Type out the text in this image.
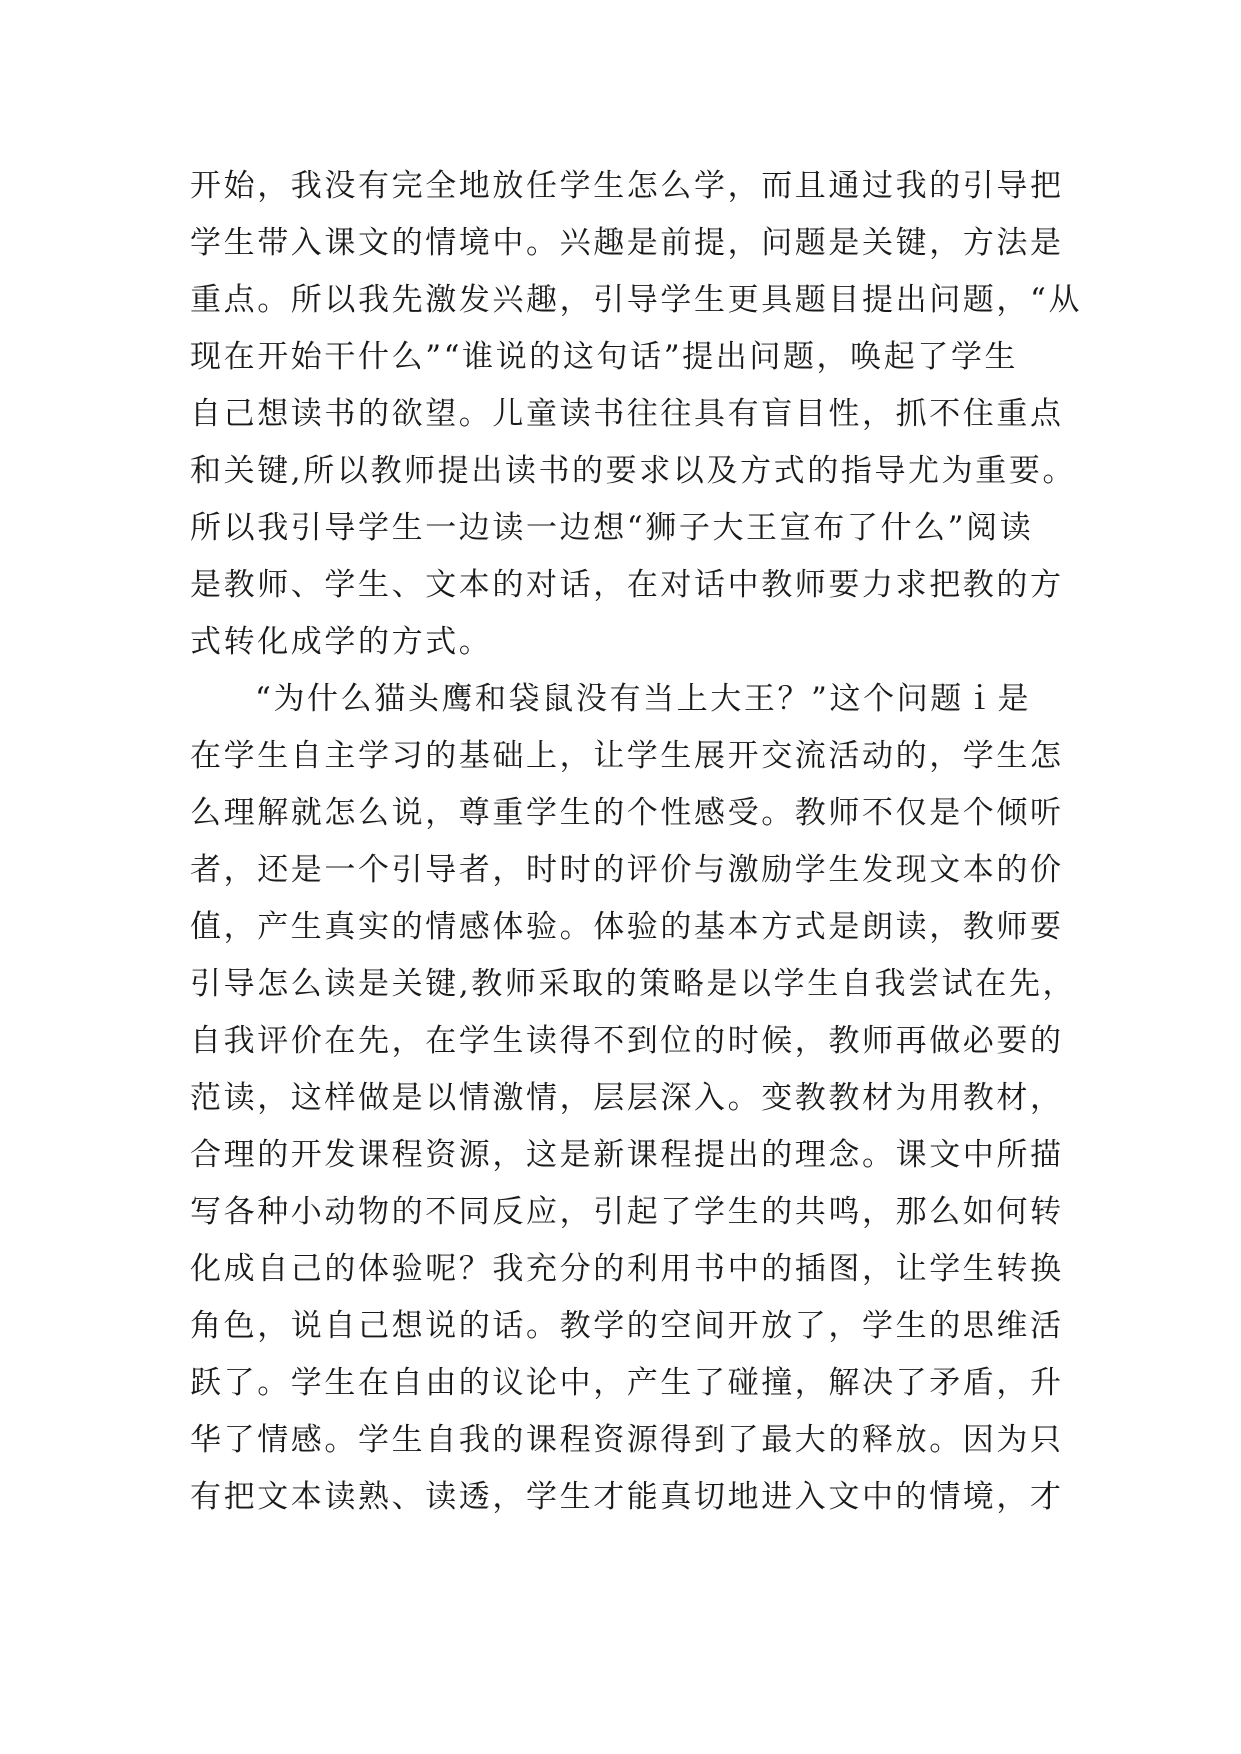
开始，我没有完全地放任学生怎么学，而且通过我的引导把
学生带入课文的情境中。兴趣是前提，问题是关键，方法是
重点。所以我先激发兴趣，引导学生更具题目提出问题，“从
现在开始干什么”“谁说的这句话”提出问题，唤起了学生
自己想读书的欲望。儿童读书往往具有盲目性，抓不住重点
和关键,所以教师提出读书的要求以及方式的指导尤为重要。
所以我引导学生一边读一边想“狮子大王宣布了什么”阅读
是教师、学生、文本的对话，在对话中教师要力求把教的方
式转化成学的方式。
“为什么猫头鹰和袋鼠没有当上大王？”这个问题ｉ是
在学生自主学习的基础上，让学生展开交流活动的，学生怎
么理解就怎么说，尊重学生的个性感受。教师不仅是个倾听
者，还是一个引导者，时时的评价与激励学生发现文本的价
值，产生真实的情感体验。体验的基本方式是朗读，教师要
引导怎么读是关键,教师采取的策略是以学生自我尝试在先，
自我评价在先，在学生读得不到位的时候，教师再做必要的
范读，这样做是以情激情，层层深入。变教教材为用教材，
合理的开发课程资源，这是新课程提出的理念。课文中所描
写各种小动物的不同反应，引起了学生的共鸣，那么如何转
化成自己的体验呢？我充分的利用书中的插图，让学生转换
角色，说自己想说的话。教学的空间开放了，学生的思维活
跃了。学生在自由的议论中，产生了碰撞，解决了矛盾，升
华了情感。学生自我的课程资源得到了最大的释放。因为只
有把文本读熟、读透，学生才能真切地进入文中的情境，才
